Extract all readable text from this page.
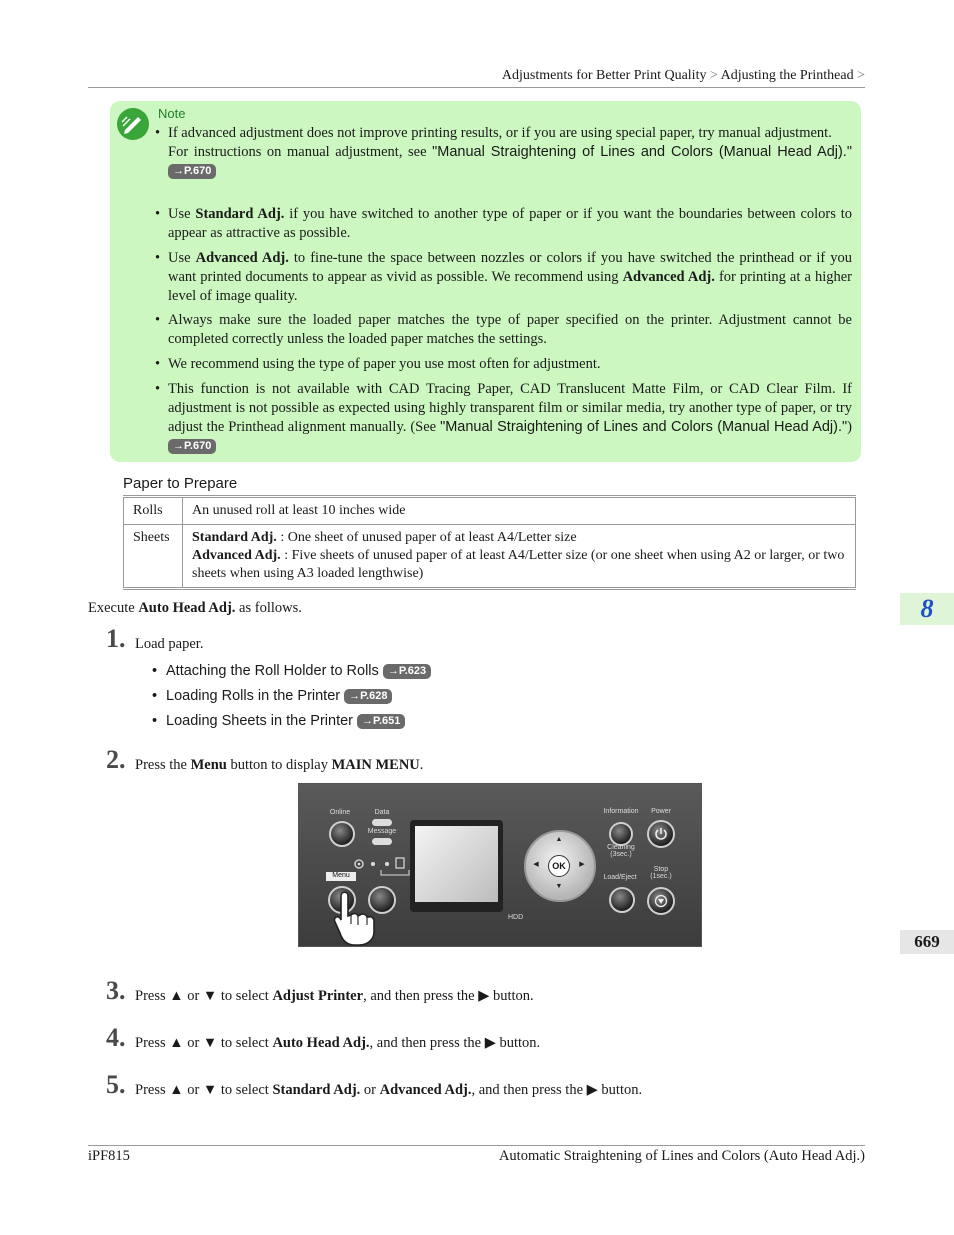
Adjustments for Better Print Quality > Adjusting the Printhead >
Note
• If advanced adjustment does not improve printing results, or if you are using special paper, try manual adjustment.
For instructions on manual adjustment, see "Manual Straightening of Lines and Colors (Manual Head Adj)." →P.670
• Use Standard Adj. if you have switched to another type of paper or if you want the boundaries between colors to appear as attractive as possible.
• Use Advanced Adj. to fine-tune the space between nozzles or colors if you have switched the printhead or if you want printed documents to appear as vivid as possible. We recommend using Advanced Adj. for printing at a higher level of image quality.
• Always make sure the loaded paper matches the type of paper specified on the printer. Adjustment cannot be completed correctly unless the loaded paper matches the settings.
• We recommend using the type of paper you use most often for adjustment.
• This function is not available with CAD Tracing Paper, CAD Translucent Matte Film, or CAD Clear Film. If adjustment is not possible as expected using highly transparent film or similar media, try another type of paper, or try adjust the Printhead alignment manually. (See "Manual Straightening of Lines and Colors (Manual Head Adj).") →P.670
Paper to Prepare
Rolls	An unused roll at least 10 inches wide
Sheets	Standard Adj. : One sheet of unused paper of at least A4/Letter size
Advanced Adj. : Five sheets of unused paper of at least A4/Letter size (or one sheet when using A2 or larger, or two sheets when using A3 loaded lengthwise)
Execute Auto Head Adj. as follows.
1. Load paper.
• Attaching the Roll Holder to Rolls →P.623
• Loading Rolls in the Printer →P.628
• Loading Sheets in the Printer →P.651
2. Press the Menu button to display MAIN MENU.
Online	Data
Message
Menu
▲
▼
◀	▶
OK
HDD
Information
Cleaning (3sec.)
Power
Load/Eject
Stop (1sec.)
3. Press ▲ or ▼ to select Adjust Printer, and then press the ▶ button.
4. Press ▲ or ▼ to select Auto Head Adj., and then press the ▶ button.
5. Press ▲ or ▼ to select Standard Adj. or Advanced Adj., and then press the ▶ button.
8
669
iPF815	Automatic Straightening of Lines and Colors (Auto Head Adj.)
